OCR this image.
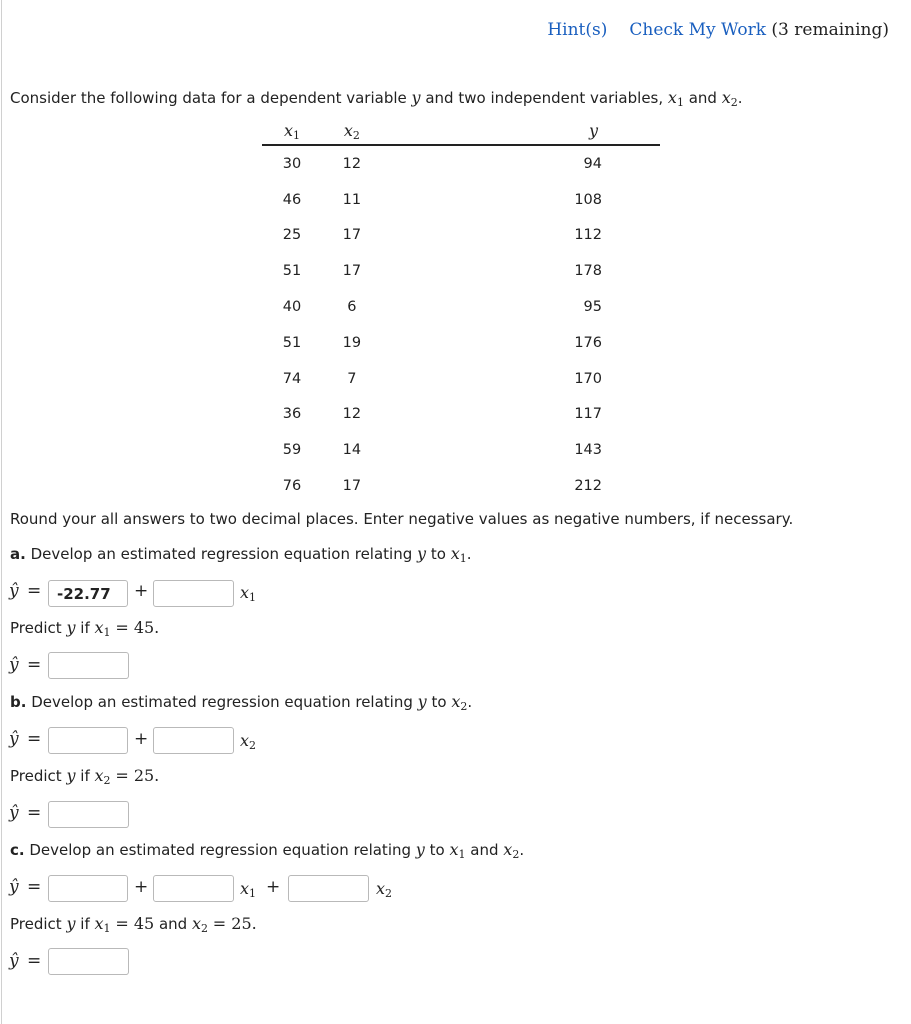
Hint(s) Check My Work (3 remaining)
Consider the following data for a dependent variable y and two independent variables, $x_1$ and $x_2$.
$x_1$	$x_2$	y
30	12	94
46	11	108
25	17	112
51	17	178
40	6	95
51	19	176
74	7	170
36	12	117
59	14	143
76	17	212
Round your all answers to two decimal places. Enter negative values as negative numbers, if necessary.
a. Develop an estimated regression equation relating y to $x_1$.
ŷ =
-22.77	+	$x_1$
Predict y if $x_1 = 45$.
ŷ =
b. Develop an estimated regression equation relating y to $x_2$.
ŷ =	+	$x_2$
Predict y if $x_2 = 25$.
ŷ =
c. Develop an estimated regression equation relating y to $x_1$ and $x_2$.
ŷ =	+	$x_1$ +	$x_2$
Predict y if $x_1 = 45$ and $x_2 = 25$.
ŷ =
